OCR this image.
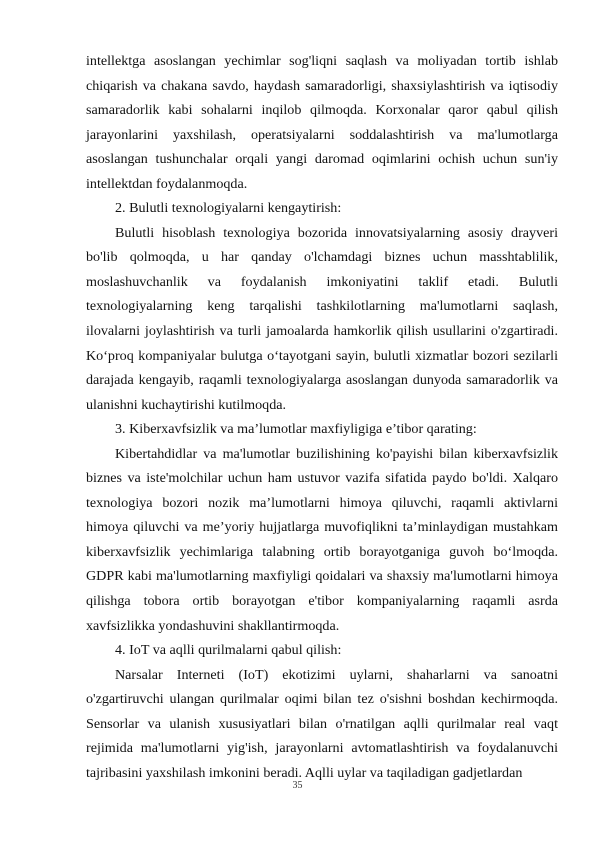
intellektga asoslangan yechimlar sog'liqni saqlash va moliyadan tortib ishlab chiqarish va chakana savdo, haydash samaradorligi, shaxsiylashtirish va iqtisodiy samaradorlik kabi sohalarni inqilob qilmoqda. Korxonalar qaror qabul qilish jarayonlarini yaxshilash, operatsiyalarni soddalashtirish va ma'lumotlarga asoslangan tushunchalar orqali yangi daromad oqimlarini ochish uchun sun'iy intellektdan foydalanmoqda.

2. Bulutli texnologiyalarni kengaytirish:

Bulutli hisoblash texnologiya bozorida innovatsiyalarning asosiy drayveri bo'lib qolmoqda, u har qanday o'lchamdagi biznes uchun masshtablilik, moslashuvchanlik va foydalanish imkoniyatini taklif etadi. Bulutli texnologiyalarning keng tarqalishi tashkilotlarning ma'lumotlarni saqlash, ilovalarni joylashtirish va turli jamoalarda hamkorlik qilish usullarini o'zgartiradi. Ko‘proq kompaniyalar bulutga o‘tayotgani sayin, bulutli xizmatlar bozori sezilarli darajada kengayib, raqamli texnologiyalarga asoslangan dunyoda samaradorlik va ulanishni kuchaytirishi kutilmoqda.

3. Kiberxavfsizlik va ma’lumotlar maxfiyligiga e’tibor qarating:

Kibertahdidlar va ma'lumotlar buzilishining ko'payishi bilan kiberxavfsizlik biznes va iste'molchilar uchun ham ustuvor vazifa sifatida paydo bo'ldi. Xalqaro texnologiya bozori nozik ma’lumotlarni himoya qiluvchi, raqamli aktivlarni himoya qiluvchi va me’yoriy hujjatlarga muvofiqlikni ta’minlaydigan mustahkam kiberxavfsizlik yechimlariga talabning ortib borayotganiga guvoh bo‘lmoqda. GDPR kabi ma'lumotlarning maxfiyligi qoidalari va shaxsiy ma'lumotlarni himoya qilishga tobora ortib borayotgan e'tibor kompaniyalarning raqamli asrda xavfsizlikka yondashuvini shakllantirmoqda.

4. IoT va aqlli qurilmalarni qabul qilish:

Narsalar Interneti (IoT) ekotizimi uylarni, shaharlarni va sanoatni o'zgartiruvchi ulangan qurilmalar oqimi bilan tez o'sishni boshdan kechirmoqda. Sensorlar va ulanish xususiyatlari bilan o'rnatilgan aqlli qurilmalar real vaqt rejimida ma'lumotlarni yig'ish, jarayonlarni avtomatlashtirish va foydalanuvchi tajribasini yaxshilash imkonini beradi. Aqlli uylar va taqiladigan gadjetlardan

35
